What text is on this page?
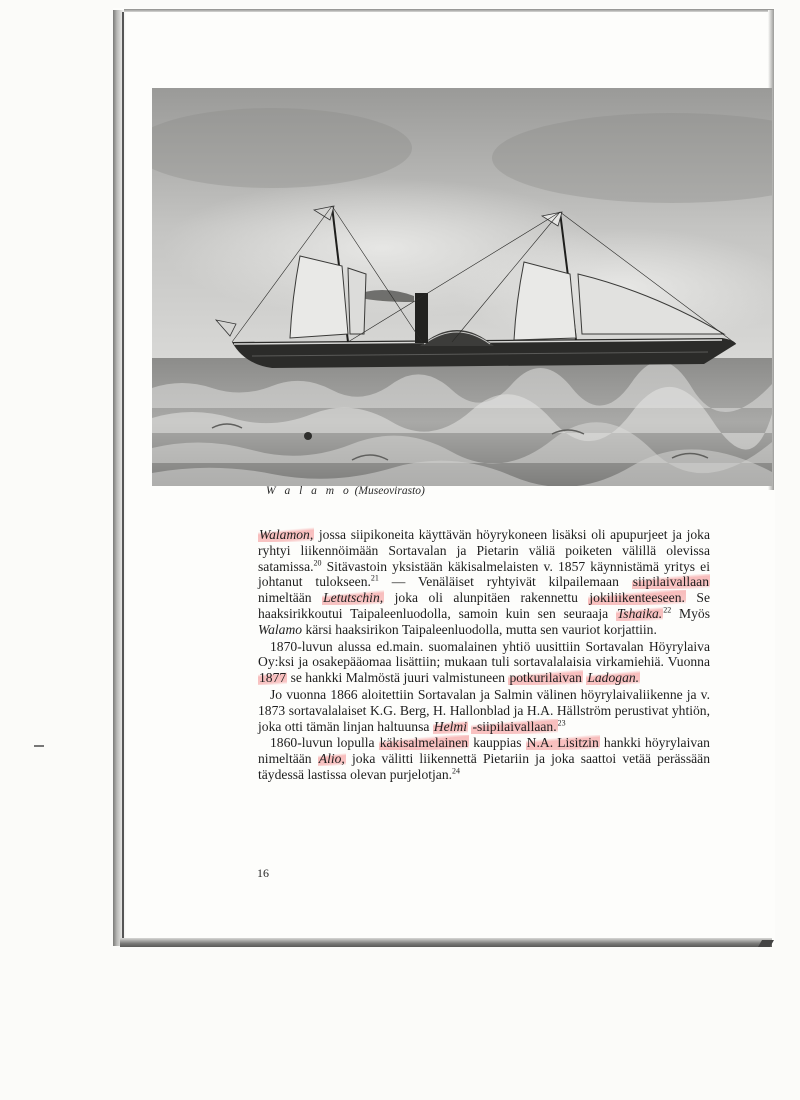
W a l a m o (Museovirasto)

Walamon, jossa siipikoneita käyttävän höyrykoneen lisäksi oli apupurjeet ja joka ryhtyi liikennöimään Sortavalan ja Pietarin väliä poiketen välillä olevissa satamissa.$^{20}$ Sitävastoin yksistään käkisalmelaisten v. 1857 käynnistämä yritys ei johtanut tulokseen.$^{21}$ — Venäläiset ryhtyivät kilpailemaan siipilaivallaan nimeltään Letutschin, joka oli alunpitäen rakennettu jokiliikenteeseen. Se haaksirikkoutui Taipaleenluodolla, samoin kuin sen seuraaja Tshaika.$^{22}$ Myös Walamo kärsi haaksirikon Taipaleenluodolla, mutta sen vauriot korjattiin.

1870-luvun alussa ed.main. suomalainen yhtiö uusittiin Sortavalan Höyrylaiva Oy:ksi ja osakepääomaa lisättiin; mukaan tuli sortavalalaisia virkamiehiä. Vuonna 1877 se hankki Malmöstä juuri valmistuneen potkurilaivan Ladogan.

Jo vuonna 1866 aloitettiin Sortavalan ja Salmin välinen höyrylaivaliikenne ja v. 1873 sortavalalaiset K.G. Berg, H. Hallonblad ja H.A. Hällström perustivat yhtiön, joka otti tämän linjan haltuunsa Helmi -siipilaivallaan.$^{23}$

1860-luvun lopulla käkisalmelainen kauppias N.A. Lisitzin hankki höyrylaivan nimeltään Alio, joka välitti liikennettä Pietariin ja joka saattoi vetää perässään täydessä lastissa olevan purjelotjan.$^{24}$

16
